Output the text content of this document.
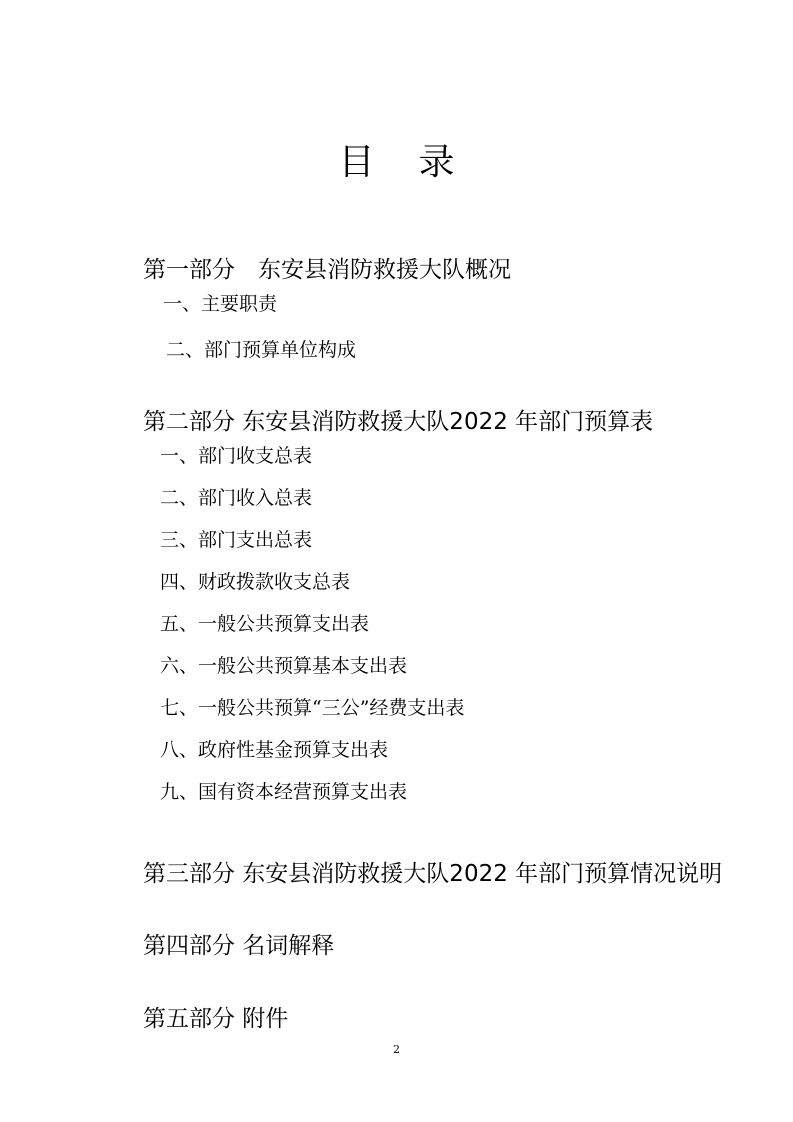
目录
第一部分　东安县消防救援大队概况
一、主要职责
二、部门预算单位构成
第二部分 东安县消防救援大队2022 年部门预算表
一、部门收支总表
二、部门收入总表
三、部门支出总表
四、财政拨款收支总表
五、一般公共预算支出表
六、一般公共预算基本支出表
七、一般公共预算“三公”经费支出表
八、政府性基金预算支出表
九、国有资本经营预算支出表
第三部分 东安县消防救援大队2022 年部门预算情况说明
第四部分 名词解释
第五部分 附件
2
